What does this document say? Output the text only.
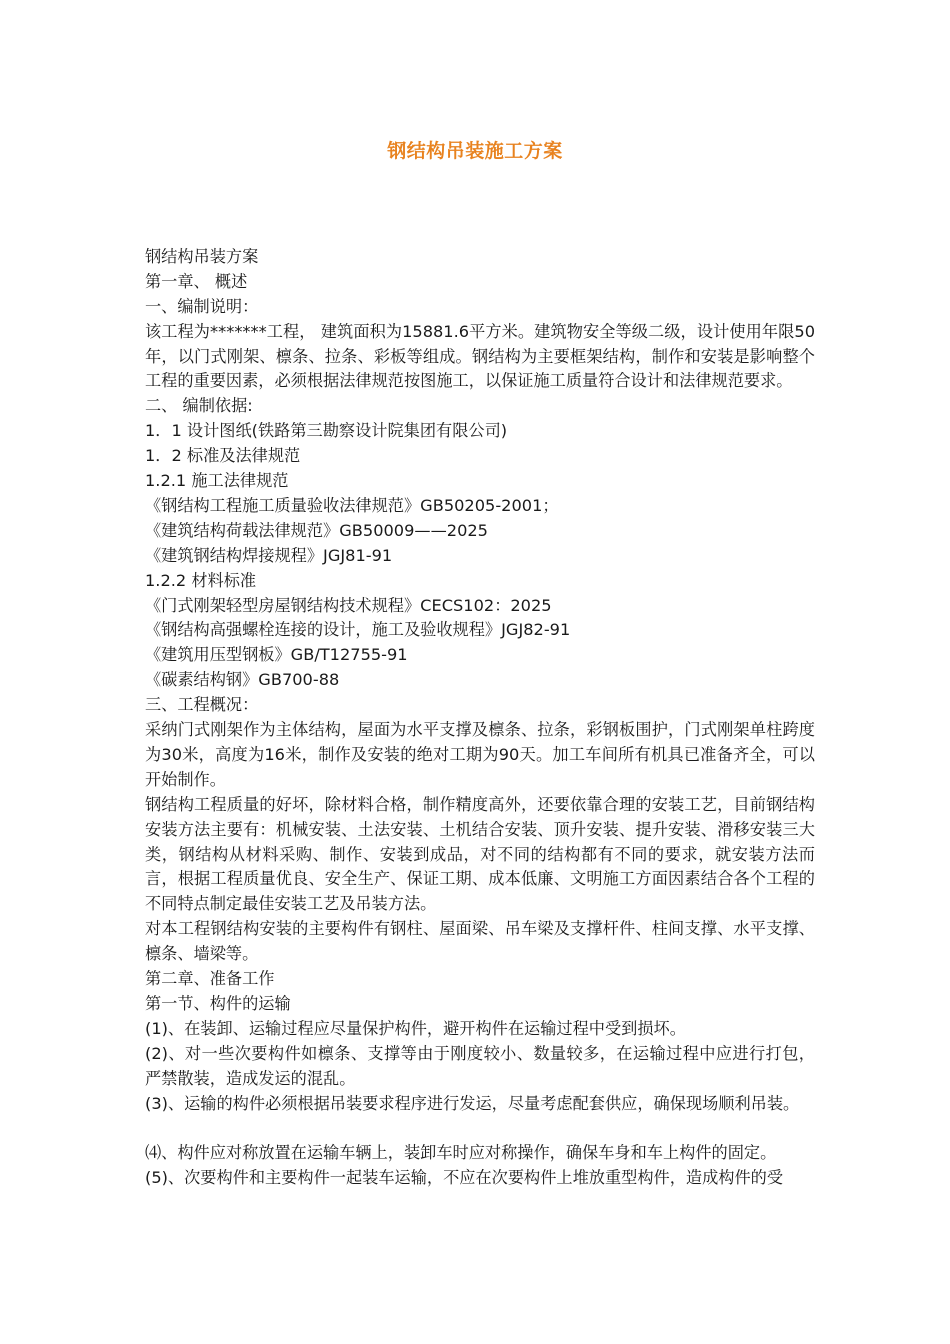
钢结构吊装施工方案
钢结构吊装方案
第一章、 概述
一、编制说明：

该工程为*******工程， 建筑面积为15881.6平方米。建筑物安全等级二级，设计使用年限50年，以门式刚架、檩条、拉条、彩板等组成。钢结构为主要框架结构，制作和安装是影响整个工程的重要因素，必须根据法律规范按图施工，以保证施工质量符合设计和法律规范要求。

二、 编制依据:
1．1 设计图纸(铁路第三勘察设计院集团有限公司)
1．2 标准及法律规范
1.2.1 施工法律规范
《钢结构工程施工质量验收法律规范》GB50205-2001；
《建筑结构荷载法律规范》GB50009——2025
《建筑钢结构焊接规程》JGJ81-91
1.2.2 材料标准
《门式刚架轻型房屋钢结构技术规程》CECS102：2025
《钢结构高强螺栓连接的设计，施工及验收规程》JGJ82-91
《建筑用压型钢板》GB/T12755-91
《碳素结构钢》GB700-88
三、工程概况：

采纳门式刚架作为主体结构，屋面为水平支撑及檩条、拉条，彩钢板围护，门式刚架单柱跨度为30米，高度为16米，制作及安装的绝对工期为90天。加工车间所有机具已准备齐全，可以开始制作。

钢结构工程质量的好坏，除材料合格，制作精度高外，还要依靠合理的安装工艺，目前钢结构安装方法主要有：机械安装、土法安装、土机结合安装、顶升安装、提升安装、滑移安装三大类，钢结构从材料采购、制作、安装到成品，对不同的结构都有不同的要求，就安装方法而言，根据工程质量优良、安全生产、保证工期、成本低廉、文明施工方面因素结合各个工程的不同特点制定最佳安装工艺及吊装方法。

对本工程钢结构安装的主要构件有钢柱、屋面梁、吊车梁及支撑杆件、柱间支撑、水平支撑、檩条、墙梁等。

第二章、准备工作
第一节、构件的运输
(1)、在装卸、运输过程应尽量保护构件，避开构件在运输过程中受到损坏。

(2)、对一些次要构件如檩条、支撑等由于刚度较小、数量较多，在运输过程中应进行打包，严禁散装，造成发运的混乱。

(3)、运输的构件必须根据吊装要求程序进行发运，尽量考虑配套供应，确保现场顺利吊装。
⑷、构件应对称放置在运输车辆上，装卸车时应对称操作，确保车身和车上构件的固定。
(5)、次要构件和主要构件一起装车运输，不应在次要构件上堆放重型构件，造成构件的受
